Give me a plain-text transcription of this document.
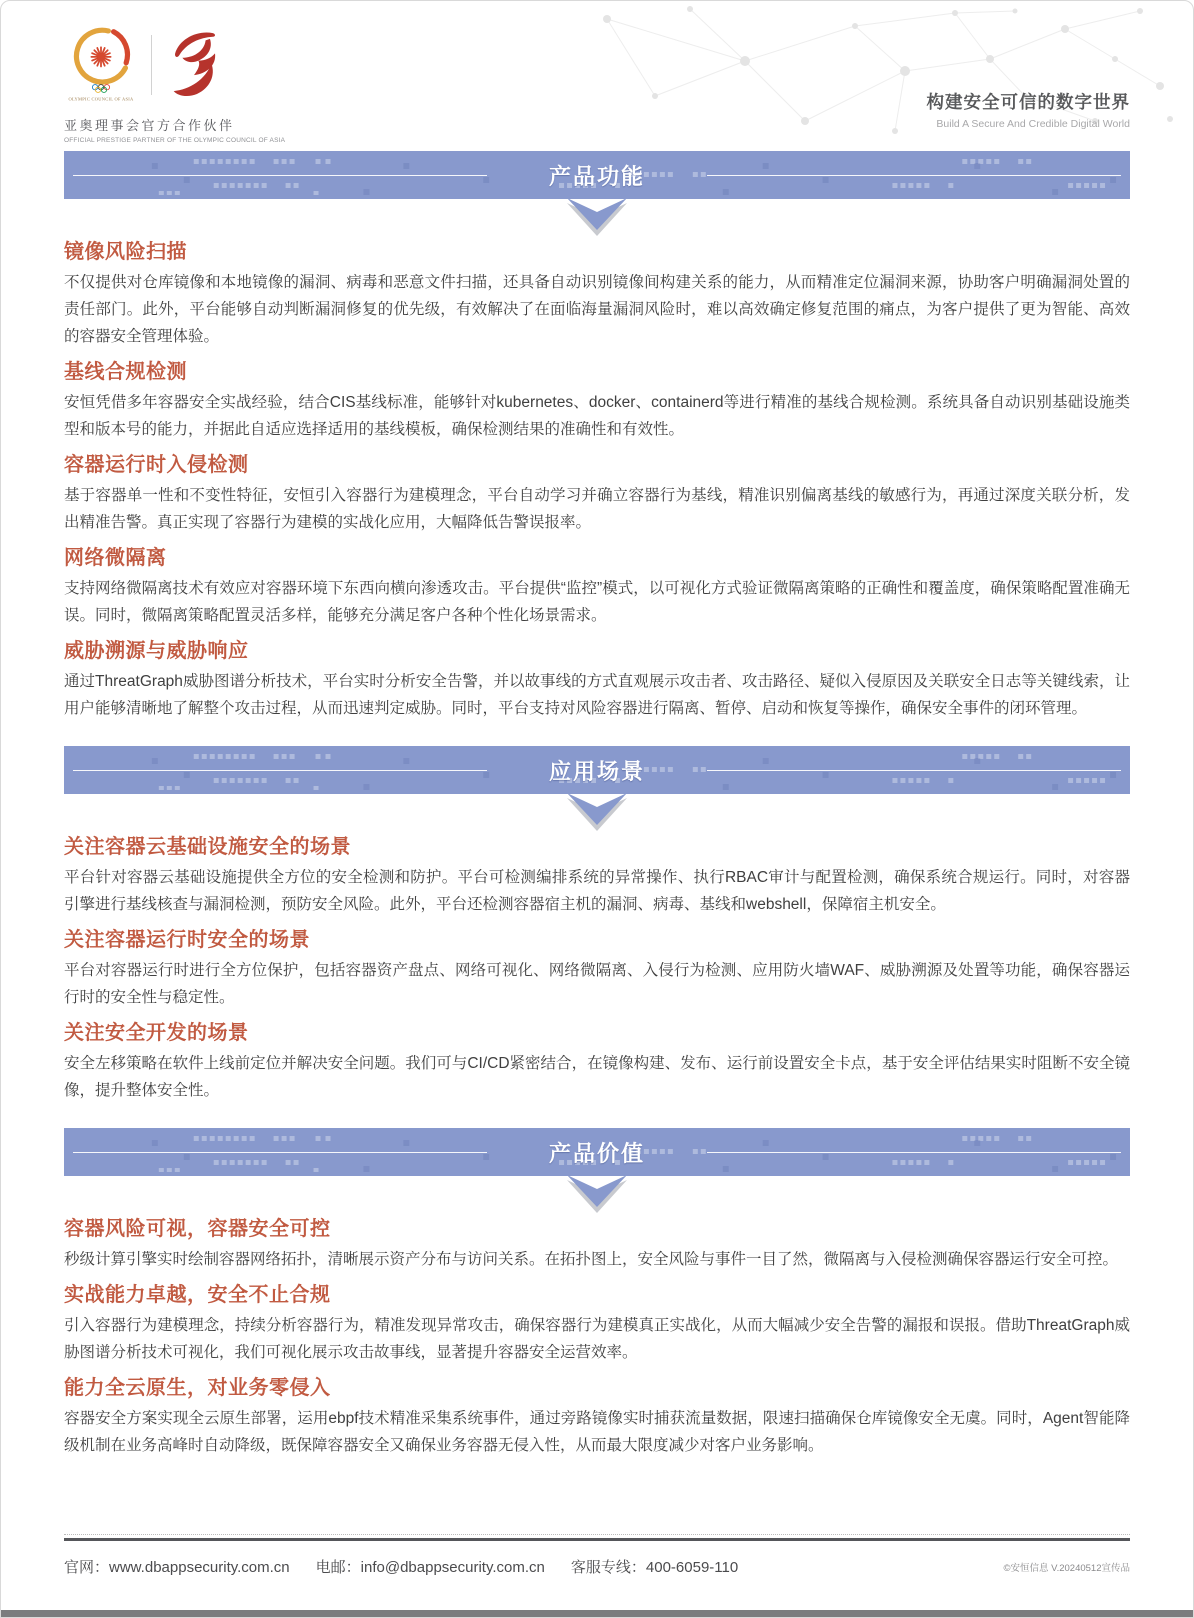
OLYMPIC COUNCIL OF ASIA
亚奥理事会官方合作伙伴
OFFICIAL PRESTIGE PARTNER OF THE OLYMPIC COUNCIL OF ASIA
构建安全可信的数字世界
Build A Secure And Credible Digital World
产品功能
镜像风险扫描

不仅提供对仓库镜像和本地镜像的漏洞、病毒和恶意文件扫描，还具备自动识别镜像间构建关系的能力，从而精准定位漏洞来源，协助客户明确漏洞处置的责任部门。此外，平台能够自动判断漏洞修复的优先级，有效解决了在面临海量漏洞风险时，难以高效确定修复范围的痛点，为客户提供了更为智能、高效的容器安全管理体验。

基线合规检测

安恒凭借多年容器安全实战经验，结合CIS基线标准，能够针对kubernetes、docker、containerd等进行精准的基线合规检测。系统具备自动识别基础设施类型和版本号的能力，并据此自适应选择适用的基线模板，确保检测结果的准确性和有效性。

容器运行时入侵检测

基于容器单一性和不变性特征，安恒引入容器行为建模理念，平台自动学习并确立容器行为基线，精准识别偏离基线的敏感行为，再通过深度关联分析，发出精准告警。真正实现了容器行为建模的实战化应用，大幅降低告警误报率。

网络微隔离

支持网络微隔离技术有效应对容器环境下东西向横向渗透攻击。平台提供“监控”模式，以可视化方式验证微隔离策略的正确性和覆盖度，确保策略配置准确无误。同时，微隔离策略配置灵活多样，能够充分满足客户各种个性化场景需求。

威胁溯源与威胁响应

通过ThreatGraph威胁图谱分析技术，平台实时分析安全告警，并以故事线的方式直观展示攻击者、攻击路径、疑似入侵原因及关联安全日志等关键线索，让用户能够清晰地了解整个攻击过程，从而迅速判定威胁。同时，平台支持对风险容器进行隔离、暂停、启动和恢复等操作，确保安全事件的闭环管理。

应用场景
关注容器云基础设施安全的场景

平台针对容器云基础设施提供全方位的安全检测和防护。平台可检测编排系统的异常操作、执行RBAC审计与配置检测，确保系统合规运行。同时，对容器引擎进行基线核查与漏洞检测，预防安全风险。此外，平台还检测容器宿主机的漏洞、病毒、基线和webshell，保障宿主机安全。

关注容器运行时安全的场景

平台对容器运行时进行全方位保护，包括容器资产盘点、网络可视化、网络微隔离、入侵行为检测、应用防火墙WAF、威胁溯源及处置等功能，确保容器运行时的安全性与稳定性。

关注安全开发的场景

安全左移策略在软件上线前定位并解决安全问题。我们可与CI/CD紧密结合，在镜像构建、发布、运行前设置安全卡点，基于安全评估结果实时阻断不安全镜像，提升整体安全性。

产品价值
容器风险可视，容器安全可控

秒级计算引擎实时绘制容器网络拓扑，清晰展示资产分布与访问关系。在拓扑图上，安全风险与事件一目了然，微隔离与入侵检测确保容器运行安全可控。

实战能力卓越，安全不止合规

引入容器行为建模理念，持续分析容器行为，精准发现异常攻击，确保容器行为建模真正实战化，从而大幅减少安全告警的漏报和误报。借助ThreatGraph威胁图谱分析技术可视化，我们可视化展示攻击故事线，显著提升容器安全运营效率。

能力全云原生，对业务零侵入

容器安全方案实现全云原生部署，运用ebpf技术精准采集系统事件，通过旁路镜像实时捕获流量数据，限速扫描确保仓库镜像安全无虞。同时，Agent智能降级机制在业务高峰时自动降级，既保障容器安全又确保业务容器无侵入性，从而最大限度减少对客户业务影响。

官网：www.dbappsecurity.com.cn 电邮：info@dbappsecurity.com.cn 客服专线：400-6059-110	©安恒信息 V.20240512宣传品
